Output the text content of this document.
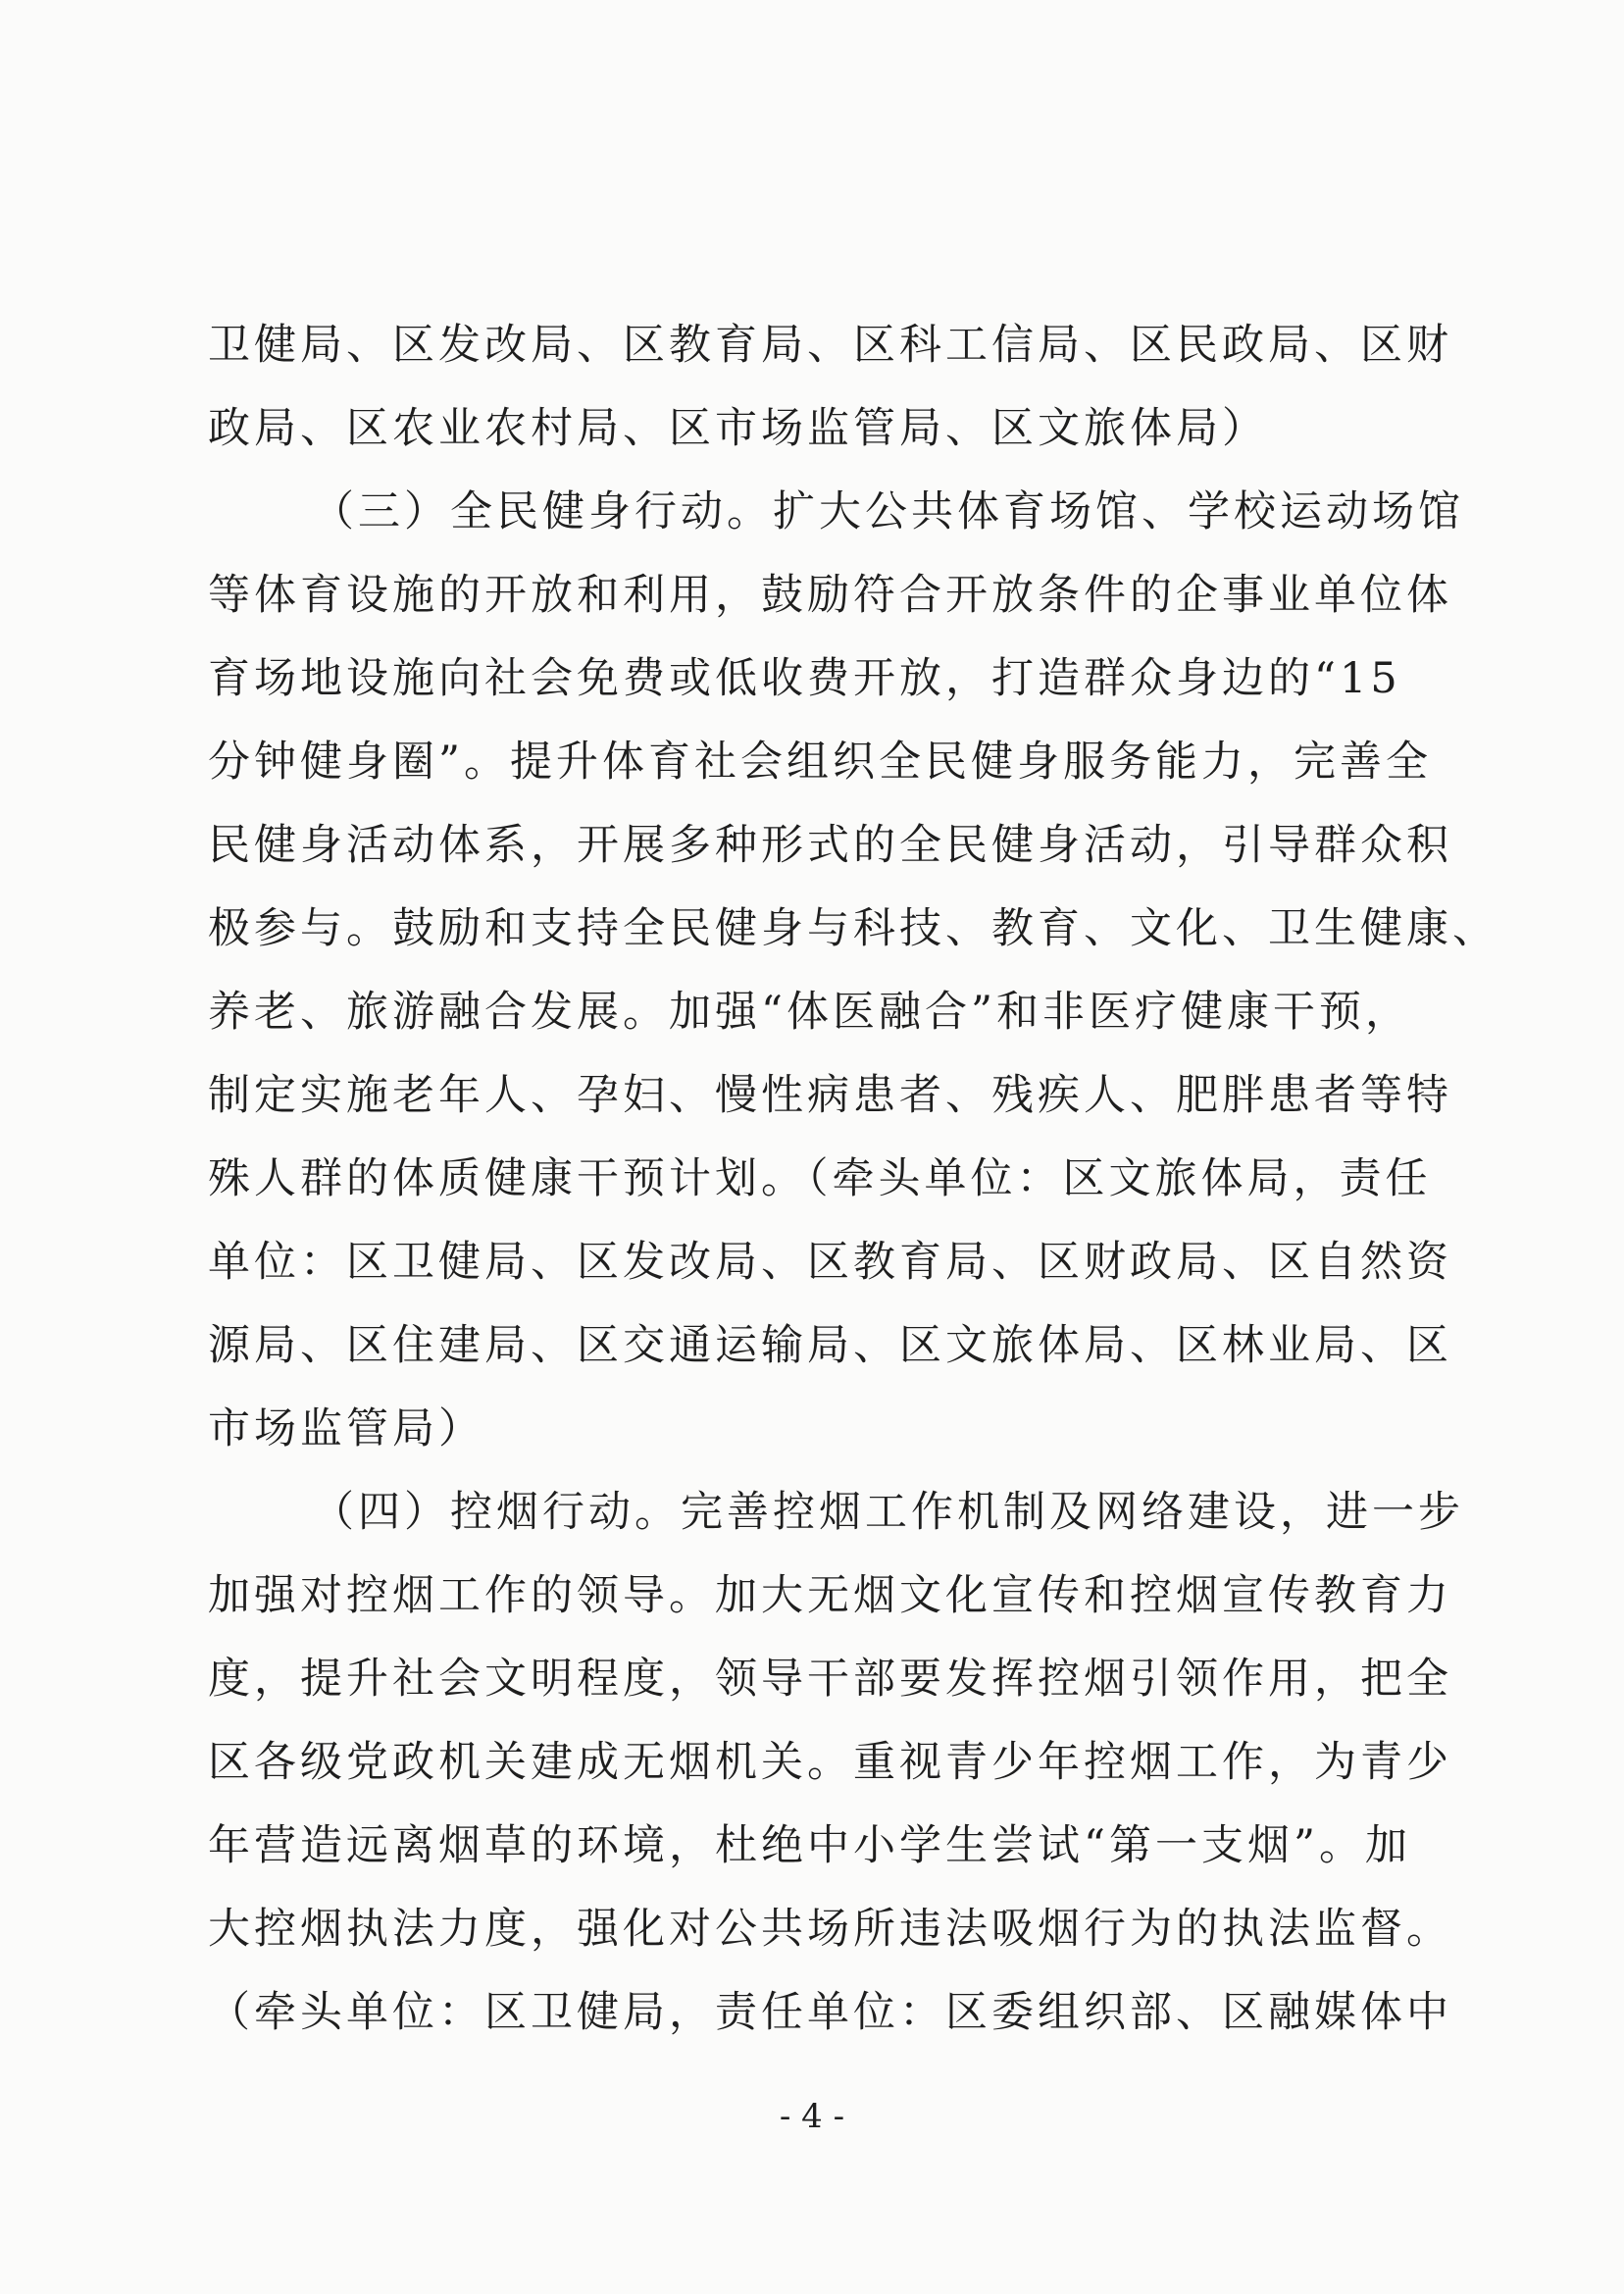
卫健局、区发改局、区教育局、区科工信局、区民政局、区财
政局、区农业农村局、区市场监管局、区文旅体局）
（三）全民健身行动。扩大公共体育场馆、学校运动场馆
等体育设施的开放和利用，鼓励符合开放条件的企事业单位体
育场地设施向社会免费或低收费开放，打造群众身边的“15
分钟健身圈”。提升体育社会组织全民健身服务能力，完善全
民健身活动体系，开展多种形式的全民健身活动，引导群众积
极参与。鼓励和支持全民健身与科技、教育、文化、卫生健康、
养老、旅游融合发展。加强“体医融合”和非医疗健康干预，
制定实施老年人、孕妇、慢性病患者、残疾人、肥胖患者等特
殊人群的体质健康干预计划。（牵头单位：区文旅体局，责任
单位：区卫健局、区发改局、区教育局、区财政局、区自然资
源局、区住建局、区交通运输局、区文旅体局、区林业局、区
市场监管局）
（四）控烟行动。完善控烟工作机制及网络建设，进一步
加强对控烟工作的领导。加大无烟文化宣传和控烟宣传教育力
度，提升社会文明程度，领导干部要发挥控烟引领作用，把全
区各级党政机关建成无烟机关。重视青少年控烟工作，为青少
年营造远离烟草的环境，杜绝中小学生尝试“第一支烟”。加
大控烟执法力度，强化对公共场所违法吸烟行为的执法监督。
（牵头单位：区卫健局，责任单位：区委组织部、区融媒体中
- 4 -
